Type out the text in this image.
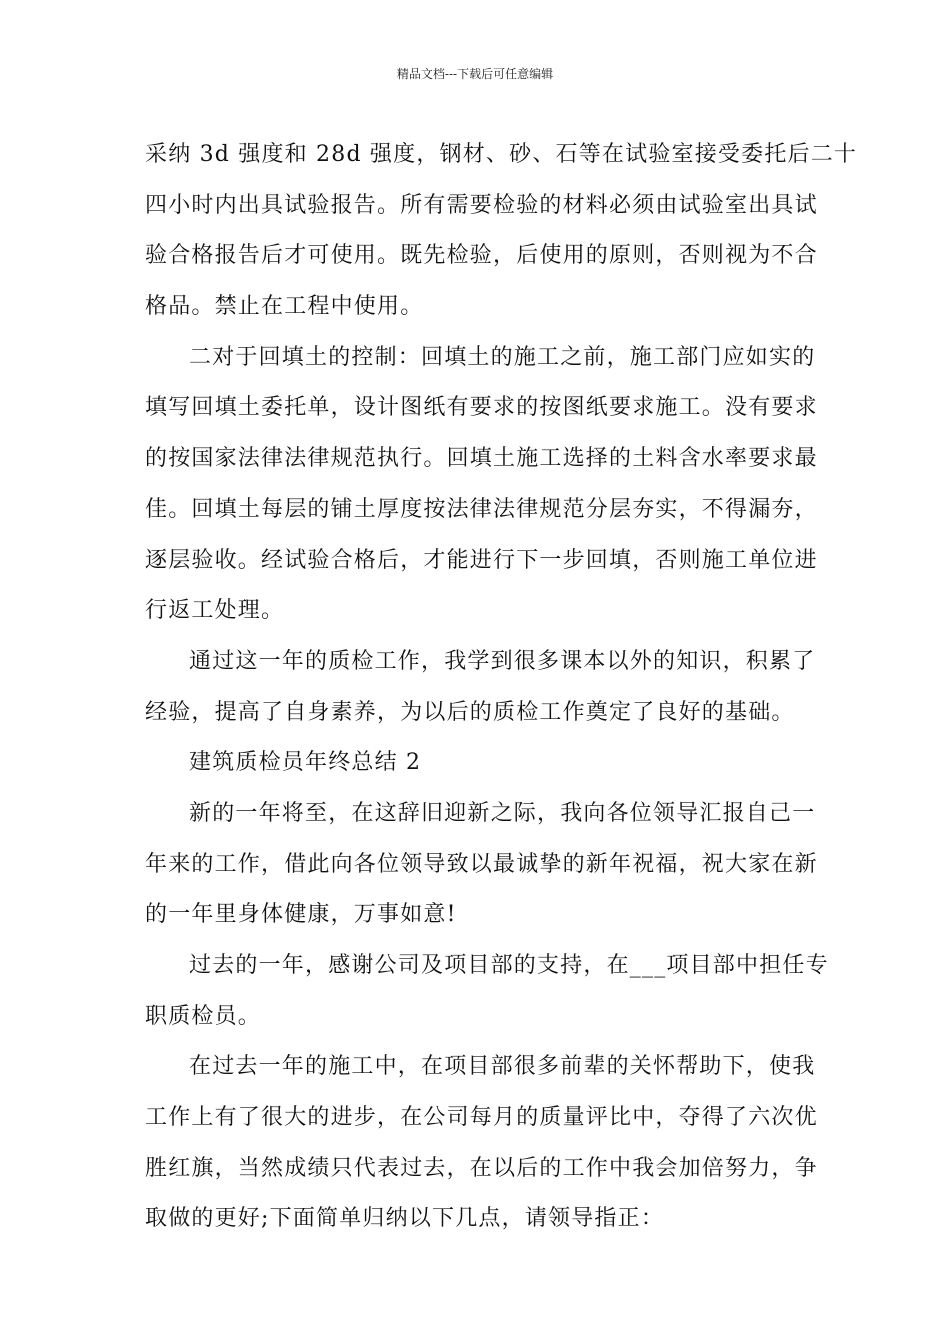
精品文档---下载后可任意编辑
采纳 3d 强度和 28d 强度，钢材、砂、石等在试验室接受委托后二十
四小时内出具试验报告。所有需要检验的材料必须由试验室出具试
验合格报告后才可使用。既先检验，后使用的原则，否则视为不合
格品。禁止在工程中使用。
二对于回填土的控制：回填土的施工之前，施工部门应如实的
填写回填土委托单，设计图纸有要求的按图纸要求施工。没有要求
的按国家法律法律规范执行。回填土施工选择的土料含水率要求最
佳。回填土每层的铺土厚度按法律法律规范分层夯实，不得漏夯，
逐层验收。经试验合格后，才能进行下一步回填，否则施工单位进
行返工处理。
通过这一年的质检工作，我学到很多课本以外的知识，积累了
经验，提高了自身素养，为以后的质检工作奠定了良好的基础。
建筑质检员年终总结 2
新的一年将至，在这辞旧迎新之际，我向各位领导汇报自己一
年来的工作，借此向各位领导致以最诚挚的新年祝福，祝大家在新
的一年里身体健康，万事如意!
过去的一年，感谢公司及项目部的支持，在___项目部中担任专
职质检员。
在过去一年的施工中，在项目部很多前辈的关怀帮助下，使我
工作上有了很大的进步，在公司每月的质量评比中，夺得了六次优
胜红旗，当然成绩只代表过去，在以后的工作中我会加倍努力，争
取做的更好;下面简单归纳以下几点，请领导指正：
